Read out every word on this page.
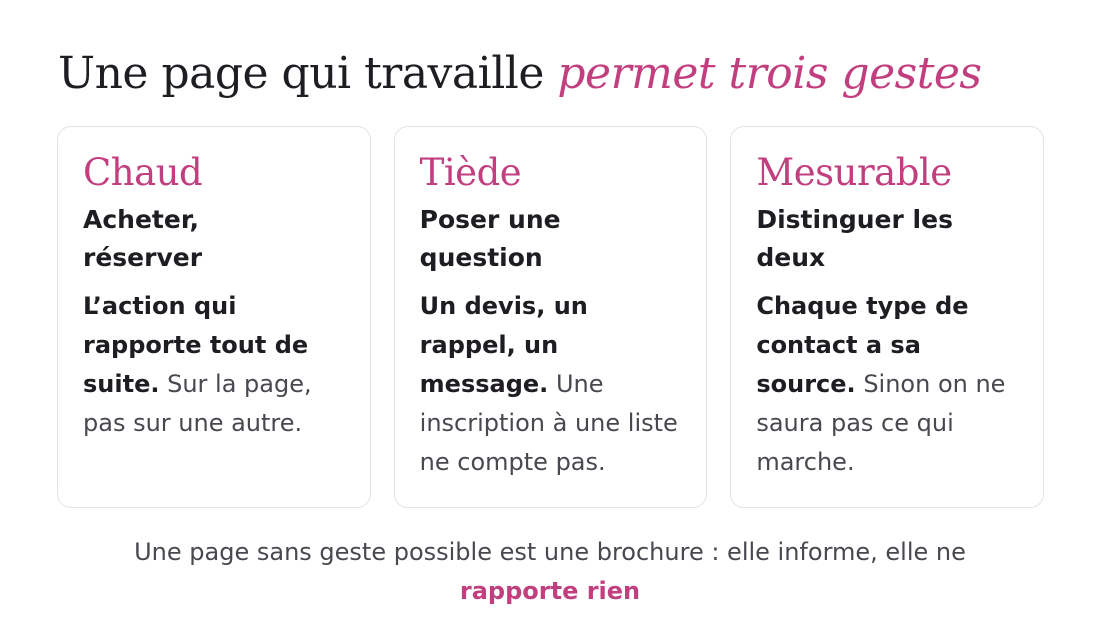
Une page qui travaille permet trois gestes
Chaud
Acheter, réserver

L’action qui rapporte tout de suite. Sur la page, pas sur une autre.

Tiède
Poser une question

Un devis, un rappel, un message. Une inscription à une liste ne compte pas.

Mesurable
Distinguer les deux

Chaque type de contact a sa source. Sinon on ne saura pas ce qui marche.

Une page sans geste possible est une brochure : elle informe, elle ne
rapporte rien
